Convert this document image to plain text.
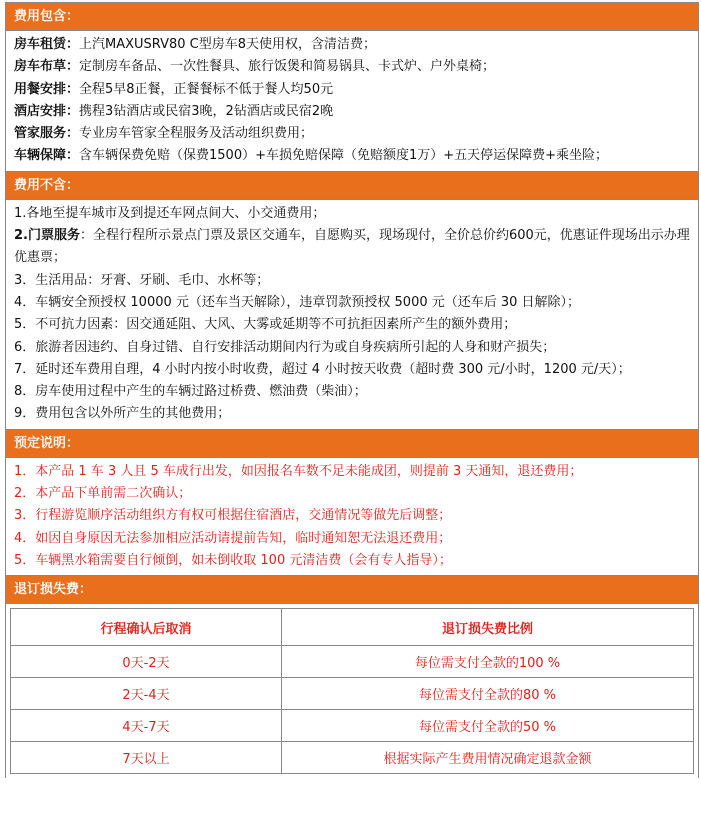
费用包含：
房车租赁：上汽MAXUSRV80 C型房车8天使用权，含清洁费；
房车布草：定制房车备品、一次性餐具、旅行饭煲和简易锅具、卡式炉、户外桌椅；
用餐安排：全程5早8正餐，正餐餐标不低于餐人均50元
酒店安排：携程3钻酒店或民宿3晚，2钻酒店或民宿2晚
管家服务：专业房车管家全程服务及活动组织费用；
车辆保障：含车辆保费免赔（保费1500）+车损免赔保障（免赔额度1万）+五天停运保障费+乘坐险；
费用不含：
1.各地至提车城市及到提还车网点间大、小交通费用；
2.门票服务：全程行程所示景点门票及景区交通车，自愿购买，现场现付，全价总价约600元，优惠证件现场出示办理优惠票；
3．生活用品：牙膏、牙刷、毛巾、水杯等；
4．车辆安全预授权 10000 元（还车当天解除），违章罚款预授权 5000 元（还车后 30 日解除）；
5．不可抗力因素：因交通延阻、大风、大雾或延期等不可抗拒因素所产生的额外费用；
6．旅游者因违约、自身过错、自行安排活动期间内行为或自身疾病所引起的人身和财产损失；
7．延时还车费用自理，4 小时内按小时收费，超过 4 小时按天收费（超时费 300 元/小时，1200 元/天）；
8．房车使用过程中产生的车辆过路过桥费、燃油费（柴油）；
9．费用包含以外所产生的其他费用；
预定说明：
1．本产品 1 车 3 人且 5 车成行出发，如因报名车数不足未能成团，则提前 3 天通知，退还费用；
2．本产品下单前需二次确认；
3．行程游览顺序活动组织方有权可根据住宿酒店，交通情况等做先后调整；
4．如因自身原因无法参加相应活动请提前告知，临时通知恕无法退还费用；
5．车辆黑水箱需要自行倾倒，如未倒收取 100 元清洁费（会有专人指导）；
退订损失费：
行程确认后取消	退订损失费比例
0天-2天	每位需支付全款的100 %
2天-4天	每位需支付全款的80 %
4天-7天	每位需支付全款的50 %
7天以上	根据实际产生费用情况确定退款金额
